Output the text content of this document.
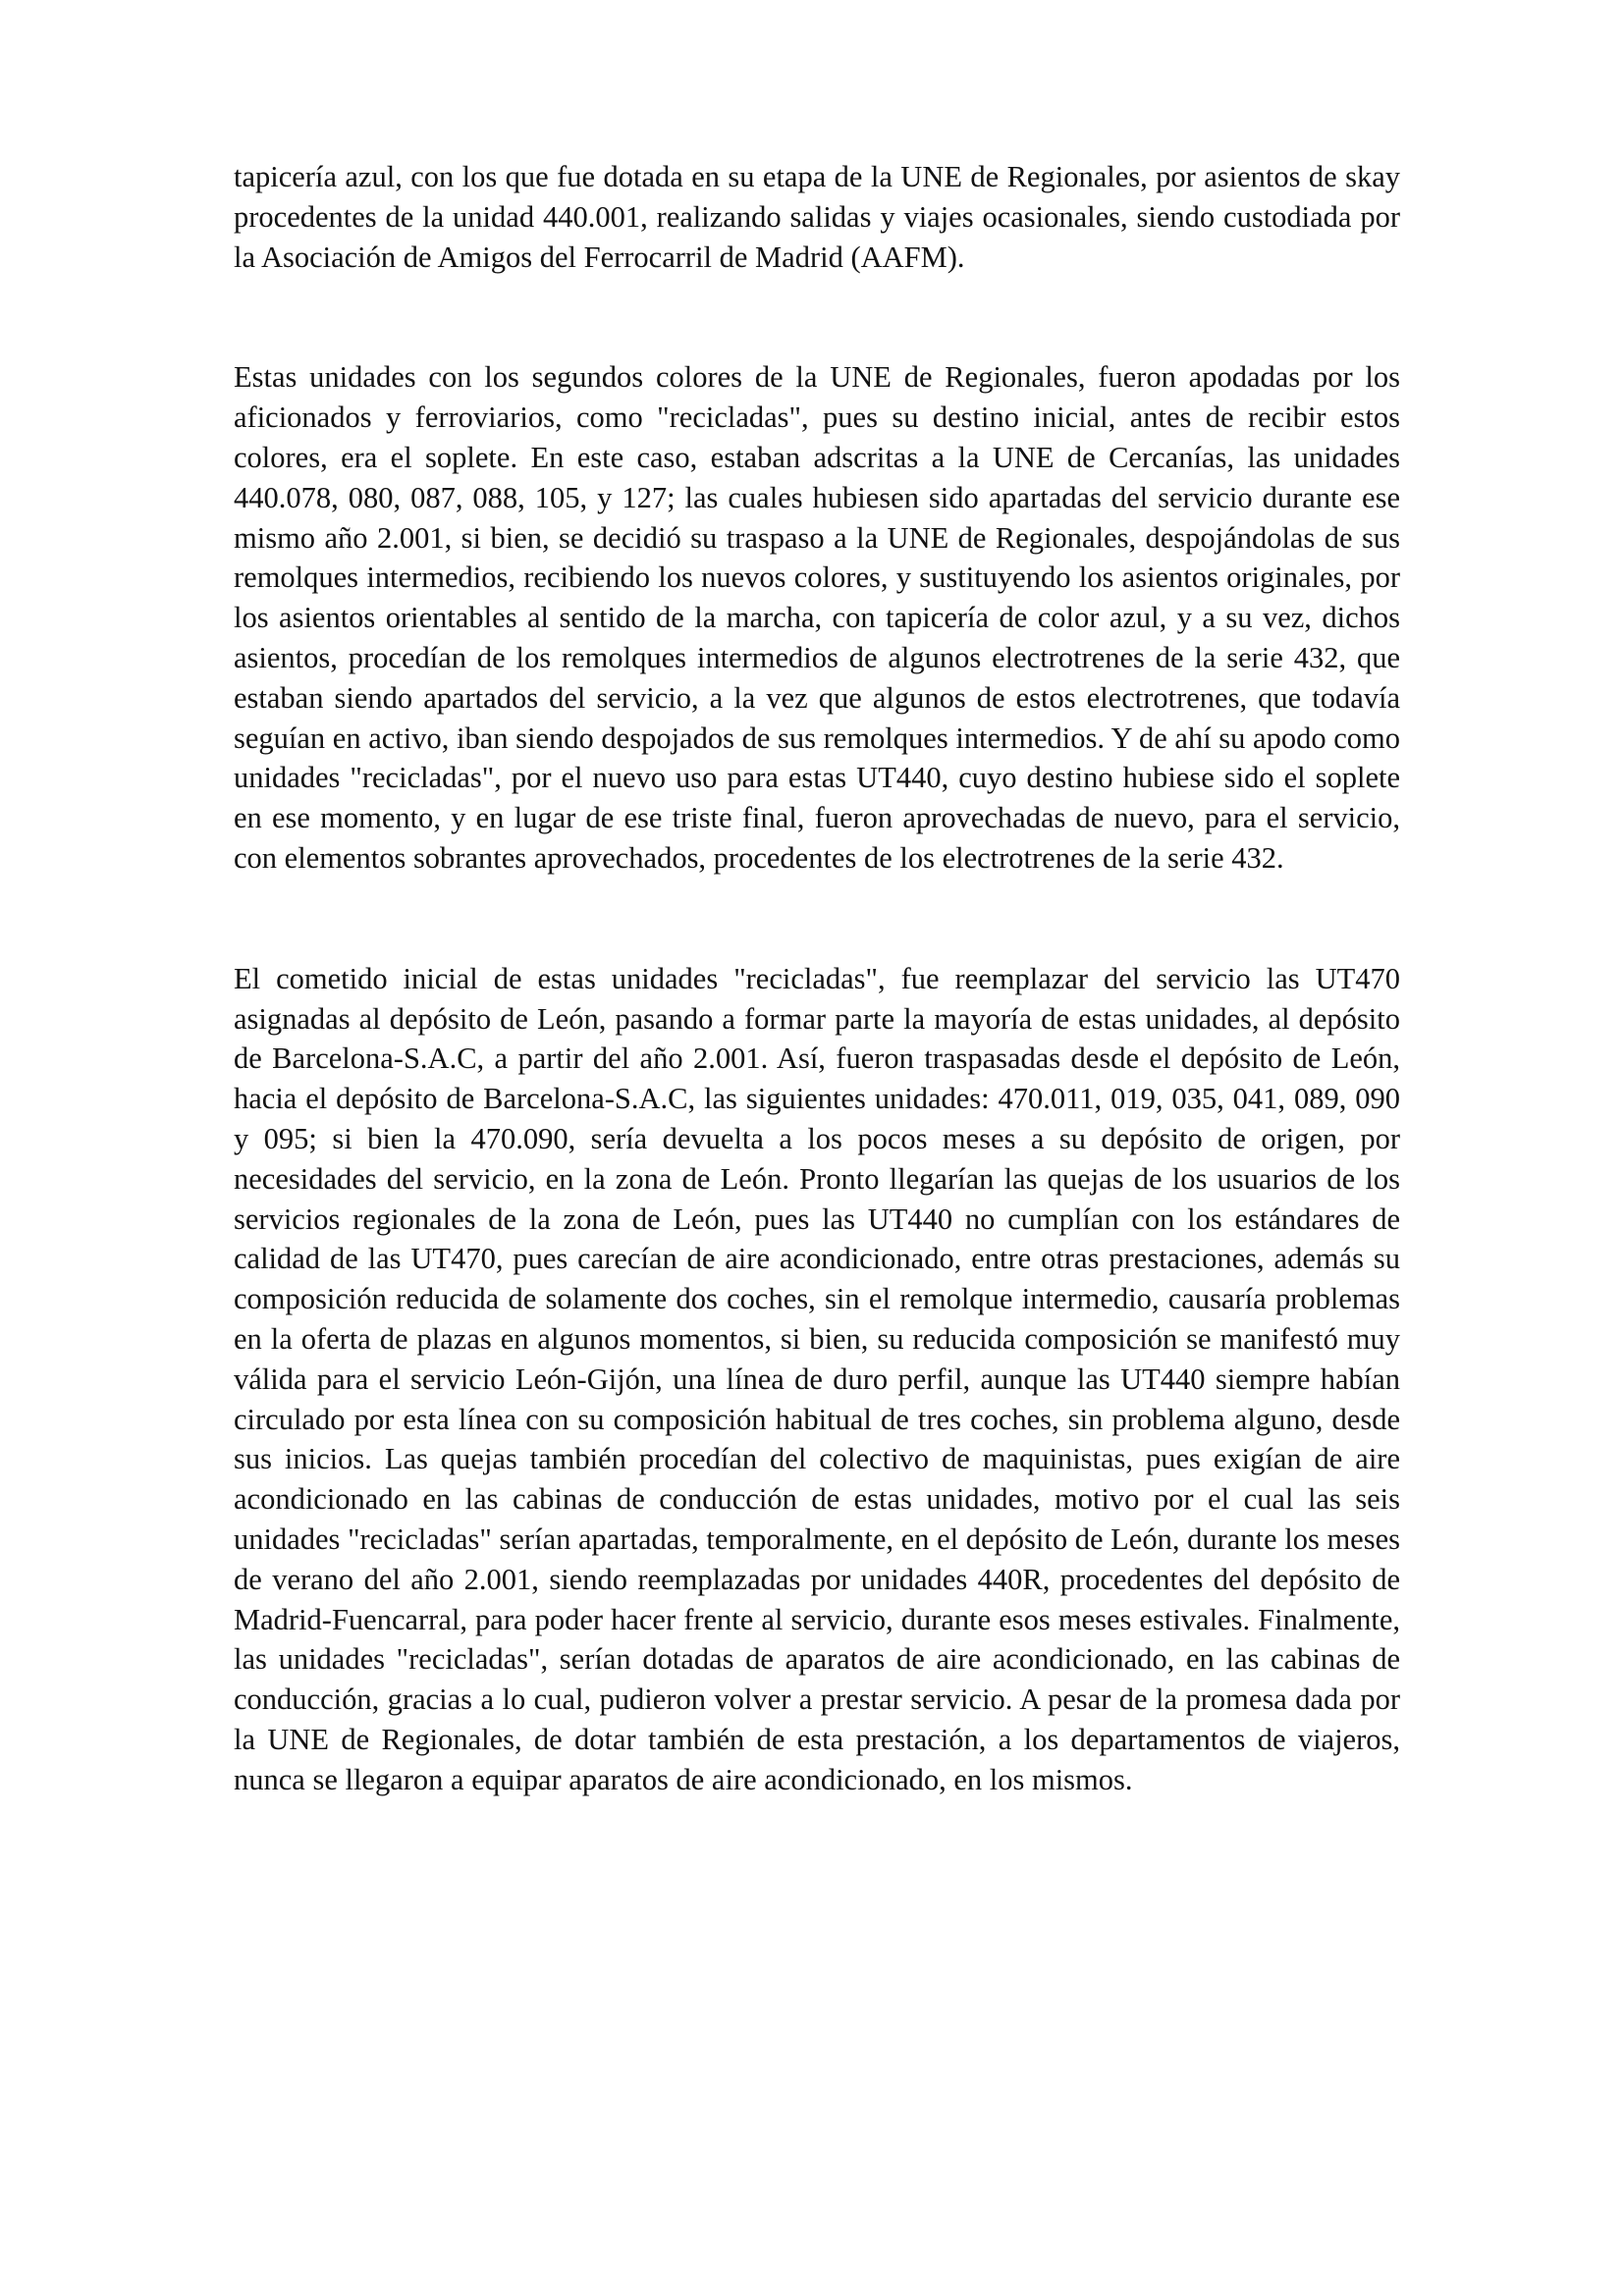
tapicería azul, con los que fue dotada en su etapa de la UNE de Regionales, por asientos de skay procedentes de la unidad 440.001, realizando salidas y viajes ocasionales, siendo custodiada por la Asociación de Amigos del Ferrocarril de Madrid (AAFM).

Estas unidades con los segundos colores de la UNE de Regionales, fueron apodadas por los aficionados y ferroviarios, como "recicladas", pues su destino inicial, antes de recibir estos colores, era el soplete. En este caso, estaban adscritas a la UNE de Cercanías, las unidades 440.078, 080, 087, 088, 105, y 127; las cuales hubiesen sido apartadas del servicio durante ese mismo año 2.001, si bien, se decidió su traspaso a la UNE de Regionales, despojándolas de sus remolques intermedios, recibiendo los nuevos colores, y sustituyendo los asientos originales, por los asientos orientables al sentido de la marcha, con tapicería de color azul, y a su vez, dichos asientos, procedían de los remolques intermedios de algunos electrotrenes de la serie 432, que estaban siendo apartados del servicio, a la vez que algunos de estos electrotrenes, que todavía seguían en activo, iban siendo despojados de sus remolques intermedios. Y de ahí su apodo como unidades "recicladas", por el nuevo uso para estas UT440, cuyo destino hubiese sido el soplete en ese momento, y en lugar de ese triste final, fueron aprovechadas de nuevo, para el servicio, con elementos sobrantes aprovechados, procedentes de los electrotrenes de la serie 432.

El cometido inicial de estas unidades "recicladas", fue reemplazar del servicio las UT470 asignadas al depósito de León, pasando a formar parte la mayoría de estas unidades, al depósito de Barcelona-S.A.C, a partir del año 2.001. Así, fueron traspasadas desde el depósito de León, hacia el depósito de Barcelona-S.A.C, las siguientes unidades: 470.011, 019, 035, 041, 089, 090 y 095; si bien la 470.090, sería devuelta a los pocos meses a su depósito de origen, por necesidades del servicio, en la zona de León. Pronto llegarían las quejas de los usuarios de los servicios regionales de la zona de León, pues las UT440 no cumplían con los estándares de calidad de las UT470, pues carecían de aire acondicionado, entre otras prestaciones, además su composición reducida de solamente dos coches, sin el remolque intermedio, causaría problemas en la oferta de plazas en algunos momentos, si bien, su reducida composición se manifestó muy válida para el servicio León-Gijón, una línea de duro perfil, aunque las UT440 siempre habían circulado por esta línea con su composición habitual de tres coches, sin problema alguno, desde sus inicios. Las quejas también procedían del colectivo de maquinistas, pues exigían de aire acondicionado en las cabinas de conducción de estas unidades, motivo por el cual las seis unidades "recicladas" serían apartadas, temporalmente, en el depósito de León, durante los meses de verano del año 2.001, siendo reemplazadas por unidades 440R, procedentes del depósito de Madrid-Fuencarral, para poder hacer frente al servicio, durante esos meses estivales. Finalmente, las unidades "recicladas", serían dotadas de aparatos de aire acondicionado, en las cabinas de conducción, gracias a lo cual, pudieron volver a prestar servicio. A pesar de la promesa dada por la UNE de Regionales, de dotar también de esta prestación, a los departamentos de viajeros, nunca se llegaron a equipar aparatos de aire acondicionado, en los mismos.
